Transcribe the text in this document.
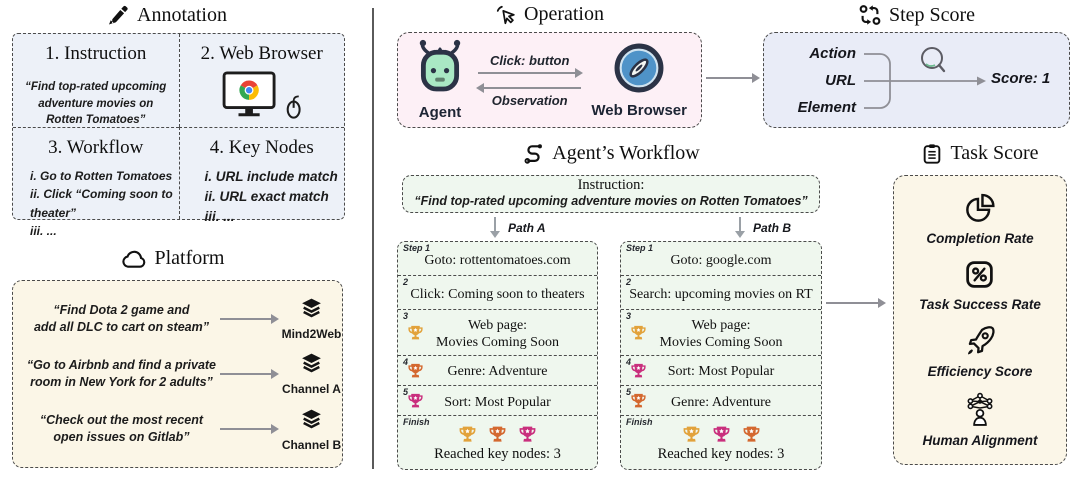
Annotation
1. Instruction
“Find top-rated upcoming adventure movies on Rotten Tomatoes”
2. Web Browser
3. Workflow
i. Go to Rotten Tomatoes
ii. Click “Coming soon to theater”
iii. ...
4. Key Nodes
i. URL include match
ii. URL exact match
iii. ...
Platform
“Find Dota 2 game and
add all DLC to cart on steam”
Mind2Web
“Go to Airbnb and find a private
room in New York for 2 adults”
Channel A
“Check out the most recent
open issues on Gitlab”
Channel B
Operation
Agent
Click: button
Observation
Web Browser
Step Score
Action
URL
Element
Score: 1
Agent’s Workflow
Instruction:
“Find top-rated upcoming adventure movies on Rotten Tomatoes”
Path A	Path B
Step 1
Goto: rottentomatoes.com
2
Click: Coming soon to theaters
3
Web page:
Movies Coming Soon
4
Genre: Adventure
5
Sort: Most Popular
Finish
Reached key nodes: 3
Step 1
Goto: google.com
2
Search: upcoming movies on RT
3
Web page:
Movies Coming Soon
4
Sort: Most Popular
5
Genre: Adventure
Finish
Reached key nodes: 3
Task Score
Completion Rate
Task Success Rate
Efficiency Score
Human Alignment
